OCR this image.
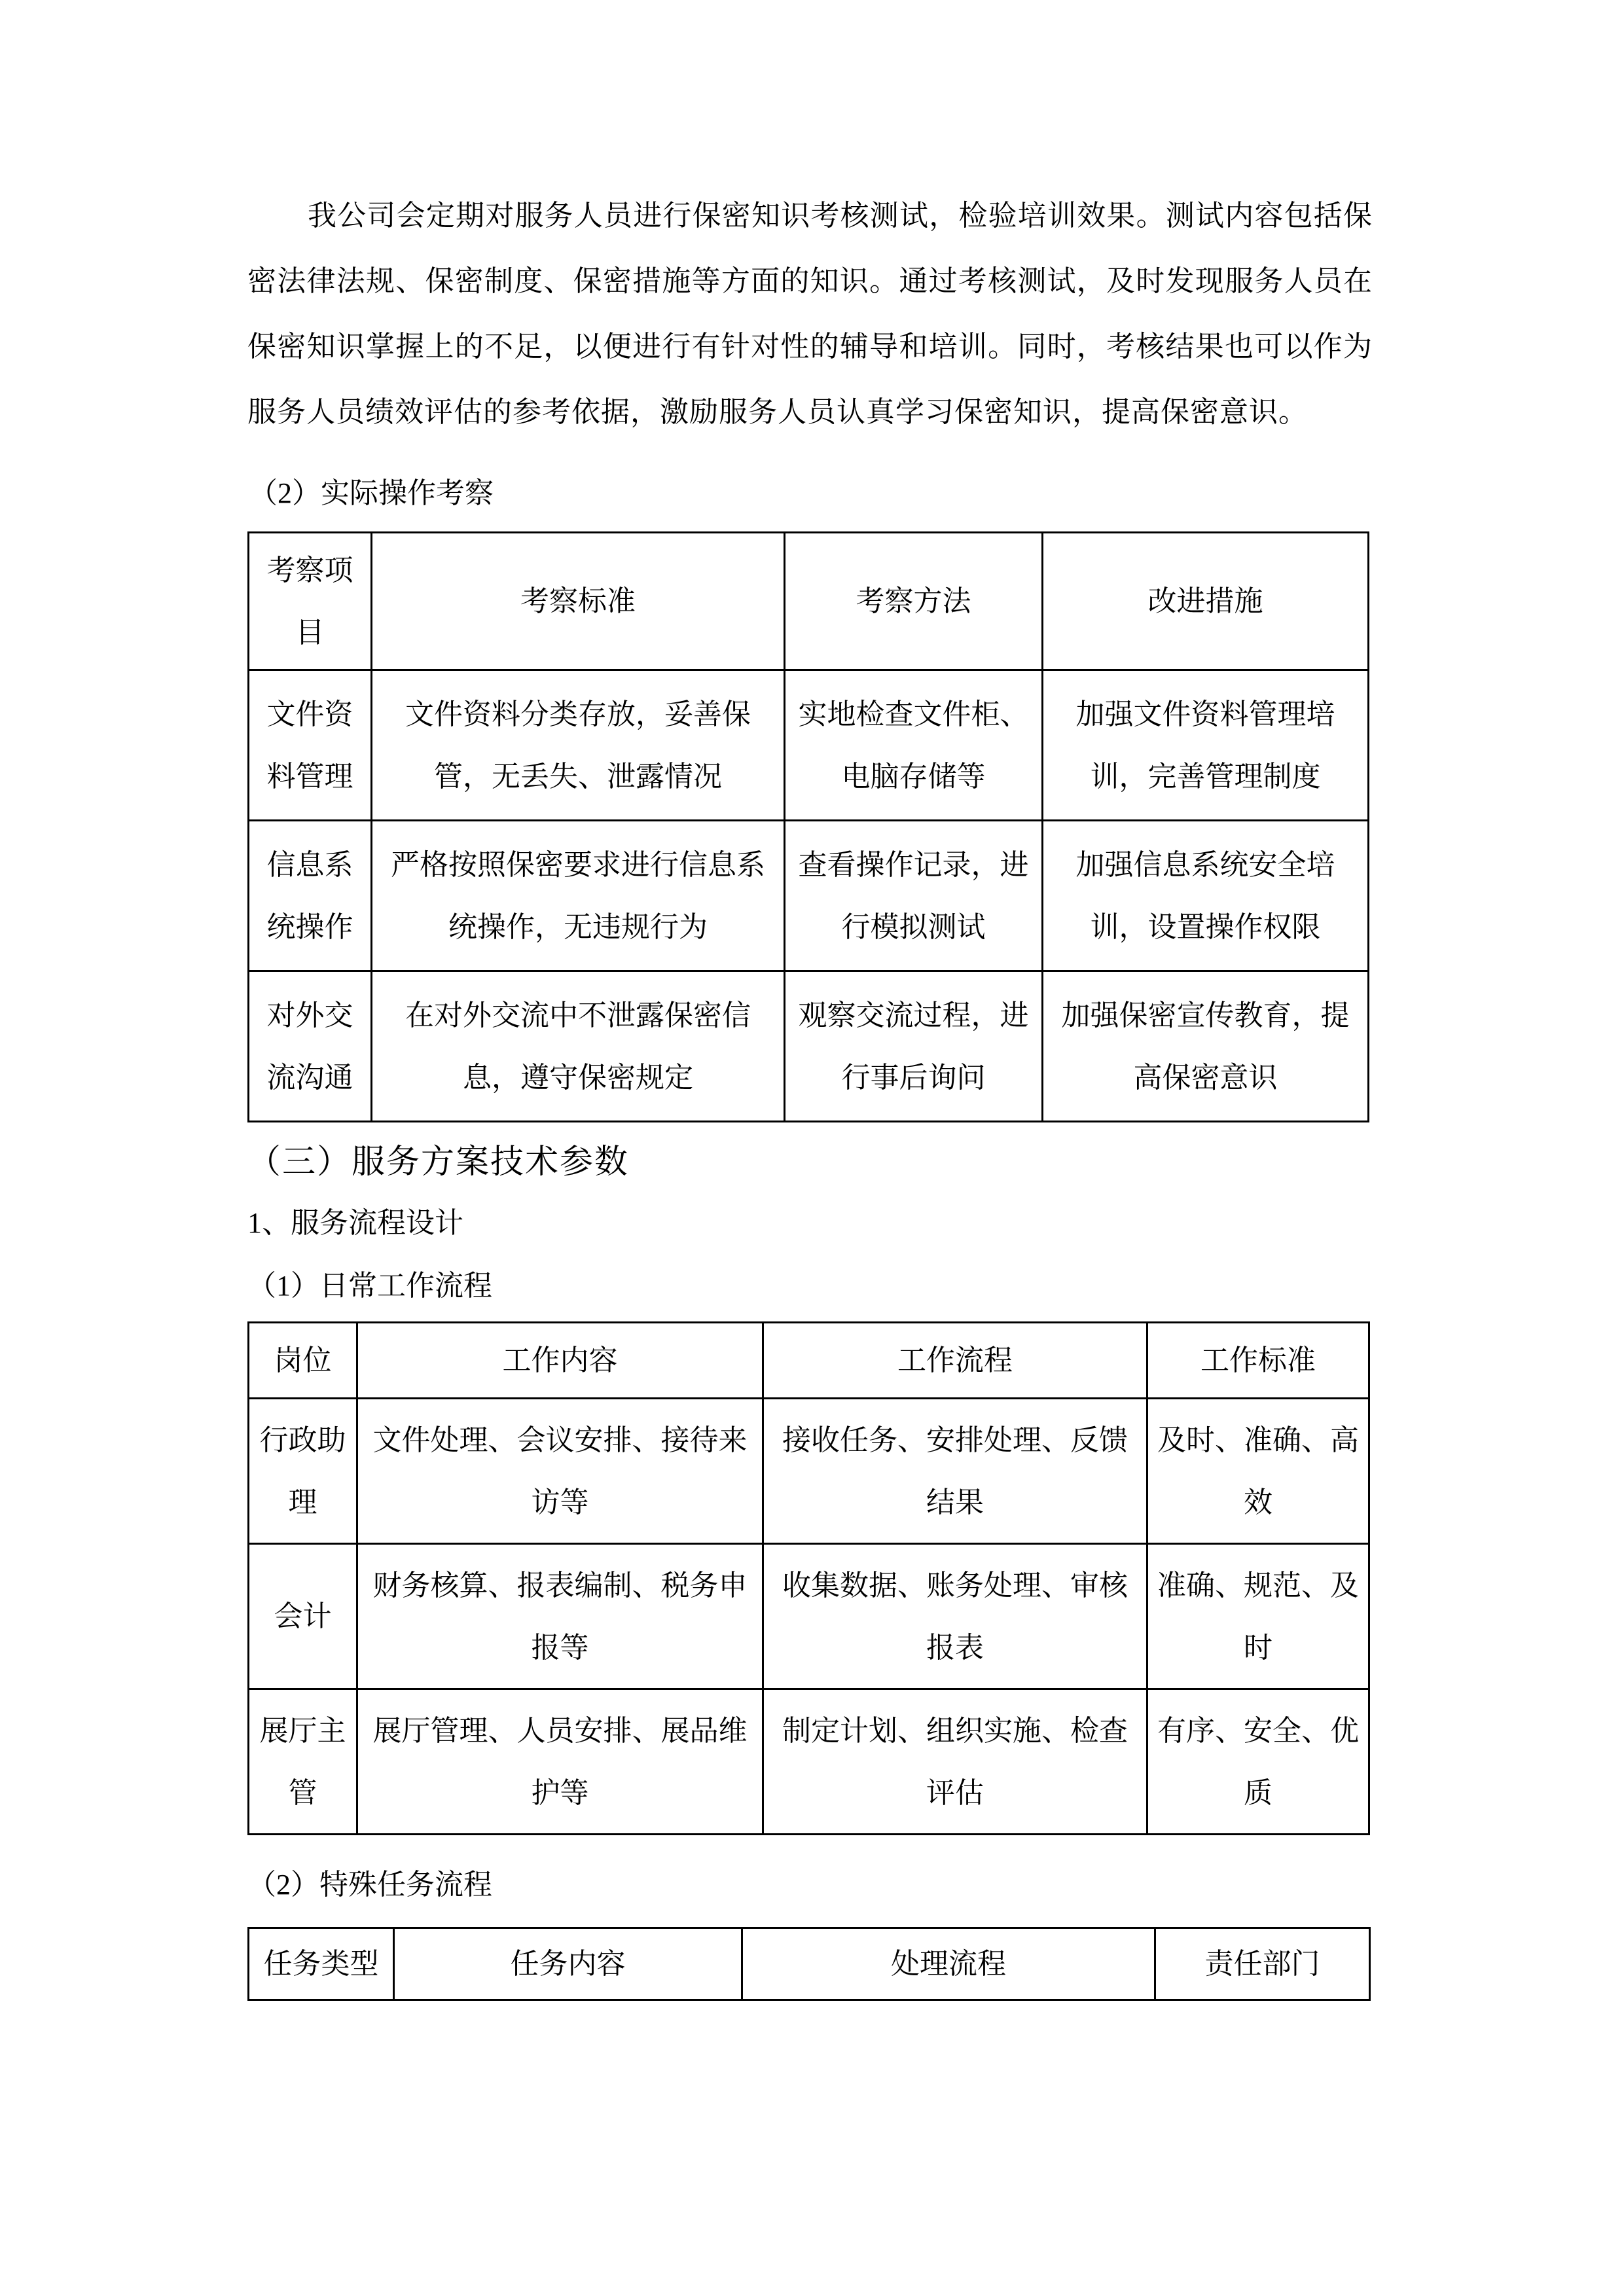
我公司会定期对服务人员进行保密知识考核测试，检验培训效果。测试内容包括保密法律法规、保密制度、保密措施等方面的知识。通过考核测试，及时发现服务人员在保密知识掌握上的不足，以便进行有针对性的辅导和培训。同时，考核结果也可以作为服务人员绩效评估的参考依据，激励服务人员认真学习保密知识，提高保密意识。

（2）实际操作考察

考察项目	考察标准	考察方法	改进措施
文件资料管理	文件资料分类存放，妥善保管，无丢失、泄露情况	实地检查文件柜、电脑存储等	加强文件资料管理培训，完善管理制度
信息系统操作	严格按照保密要求进行信息系统操作，无违规行为	查看操作记录，进行模拟测试	加强信息系统安全培训，设置操作权限
对外交流沟通	在对外交流中不泄露保密信息，遵守保密规定	观察交流过程，进行事后询问	加强保密宣传教育，提高保密意识

（三）服务方案技术参数

1、服务流程设计

（1）日常工作流程

岗位	工作内容	工作流程	工作标准
行政助理	文件处理、会议安排、接待来访等	接收任务、安排处理、反馈结果	及时、准确、高效
会计	财务核算、报表编制、税务申报等	收集数据、账务处理、审核报表	准确、规范、及时
展厅主管	展厅管理、人员安排、展品维护等	制定计划、组织实施、检查评估	有序、安全、优质

（2）特殊任务流程

任务类型	任务内容	处理流程	责任部门
